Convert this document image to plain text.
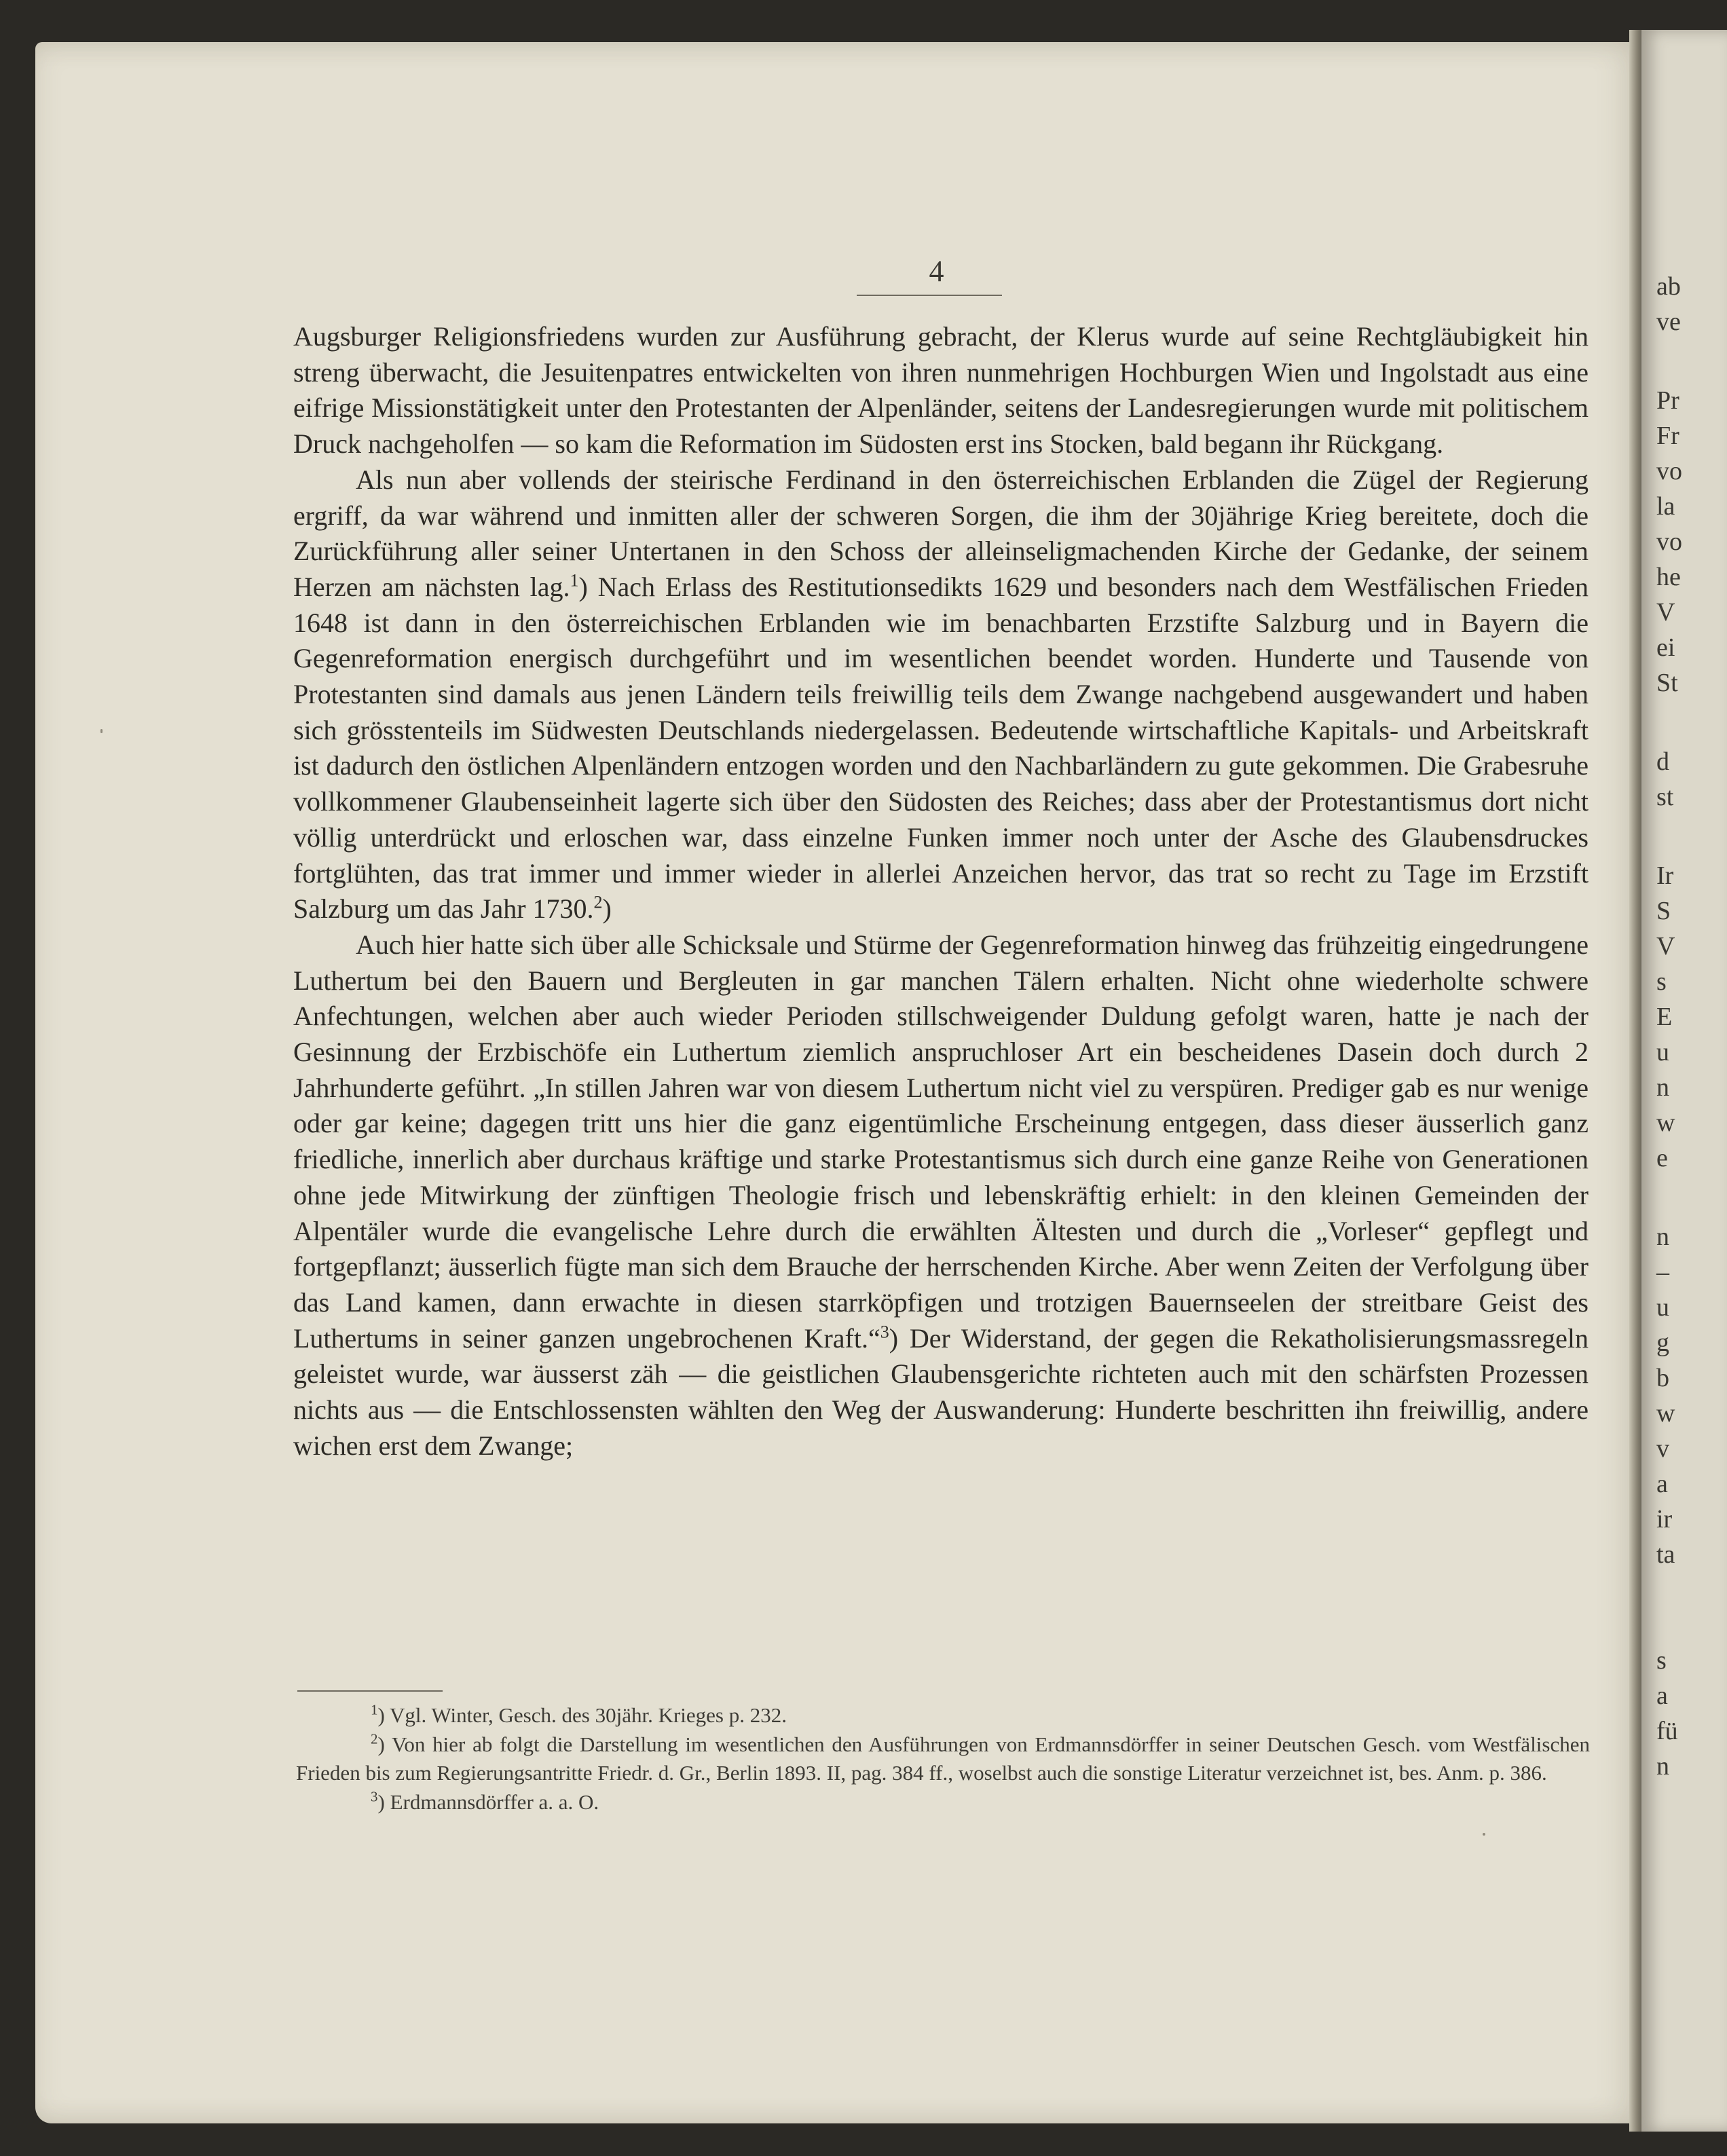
4

Augsburger Religionsfriedens wurden zur Ausführung gebracht, der Klerus wurde auf seine Rechtgläubigkeit hin streng überwacht, die Jesuitenpatres entwickelten von ihren nunmehrigen Hochburgen Wien und Ingolstadt aus eine eifrige Missionstätigkeit unter den Protestanten der Alpenländer, seitens der Landesregierungen wurde mit politischem Druck nachgeholfen — so kam die Reformation im Südosten erst ins Stocken, bald begann ihr Rückgang.

Als nun aber vollends der steirische Ferdinand in den österreichischen Erblanden die Zügel der Regierung ergriff, da war während und inmitten aller der schweren Sorgen, die ihm der 30jährige Krieg bereitete, doch die Zurückführung aller seiner Untertanen in den Schoss der alleinseligmachenden Kirche der Gedanke, der seinem Herzen am nächsten lag.$^1$) Nach Erlass des Restitutionsedikts 1629 und besonders nach dem Westfälischen Frieden 1648 ist dann in den österreichischen Erblanden wie im benachbarten Erzstifte Salzburg und in Bayern die Gegenreformation energisch durchgeführt und im wesentlichen beendet worden. Hunderte und Tausende von Protestanten sind damals aus jenen Ländern teils freiwillig teils dem Zwange nachgebend ausgewandert und haben sich grösstenteils im Südwesten Deutschlands niedergelassen. Bedeutende wirtschaftliche Kapitals- und Arbeitskraft ist dadurch den östlichen Alpenländern entzogen worden und den Nachbarländern zu gute gekommen. Die Grabesruhe vollkommener Glaubenseinheit lagerte sich über den Südosten des Reiches; dass aber der Protestantismus dort nicht völlig unterdrückt und erloschen war, dass einzelne Funken immer noch unter der Asche des Glaubensdruckes fortglühten, das trat immer und immer wieder in allerlei Anzeichen hervor, das trat so recht zu Tage im Erzstift Salzburg um das Jahr 1730.$^2$)

Auch hier hatte sich über alle Schicksale und Stürme der Gegenreformation hinweg das frühzeitig eingedrungene Luthertum bei den Bauern und Bergleuten in gar manchen Tälern erhalten. Nicht ohne wiederholte schwere Anfechtungen, welchen aber auch wieder Perioden stillschweigender Duldung gefolgt waren, hatte je nach der Gesinnung der Erzbischöfe ein Luthertum ziemlich anspruchloser Art ein bescheidenes Dasein doch durch 2 Jahrhunderte geführt. „In stillen Jahren war von diesem Luthertum nicht viel zu verspüren. Prediger gab es nur wenige oder gar keine; dagegen tritt uns hier die ganz eigentümliche Erscheinung entgegen, dass dieser äusserlich ganz friedliche, innerlich aber durchaus kräftige und starke Protestantismus sich durch eine ganze Reihe von Generationen ohne jede Mitwirkung der zünftigen Theologie frisch und lebenskräftig erhielt: in den kleinen Gemeinden der Alpentäler wurde die evangelische Lehre durch die erwählten Ältesten und durch die „Vorleser“ gepflegt und fortgepflanzt; äusserlich fügte man sich dem Brauche der herrschenden Kirche. Aber wenn Zeiten der Verfolgung über das Land kamen, dann erwachte in diesen starrköpfigen und trotzigen Bauernseelen der streitbare Geist des Luthertums in seiner ganzen ungebrochenen Kraft.“$^3$) Der Widerstand, der gegen die Rekatholisierungsmassregeln geleistet wurde, war äusserst zäh — die geistlichen Glaubensgerichte richteten auch mit den schärfsten Prozessen nichts aus — die Entschlossensten wählten den Weg der Auswanderung: Hunderte beschritten ihn freiwillig, andere wichen erst dem Zwange;

$^1$) Vgl. Winter, Gesch. des 30jähr. Krieges p. 232.

$^2$) Von hier ab folgt die Darstellung im wesentlichen den Ausführungen von Erdmannsdörffer in seiner Deutschen Gesch. vom Westfälischen Frieden bis zum Regierungsantritte Friedr. d. Gr., Berlin 1893. II, pag. 384 ff., woselbst auch die sonstige Literatur verzeichnet ist, bes. Anm. p. 386.

$^3$) Erdmannsdörffer a. a. O.

ab
ve
Pr
Fr
vo
la
vo
he
V
ei
St
d
st
Ir
S
V
s
E
u
n
w
e
n
–
u
g
b
w
v
a
ir
ta
s
a
fü
n
